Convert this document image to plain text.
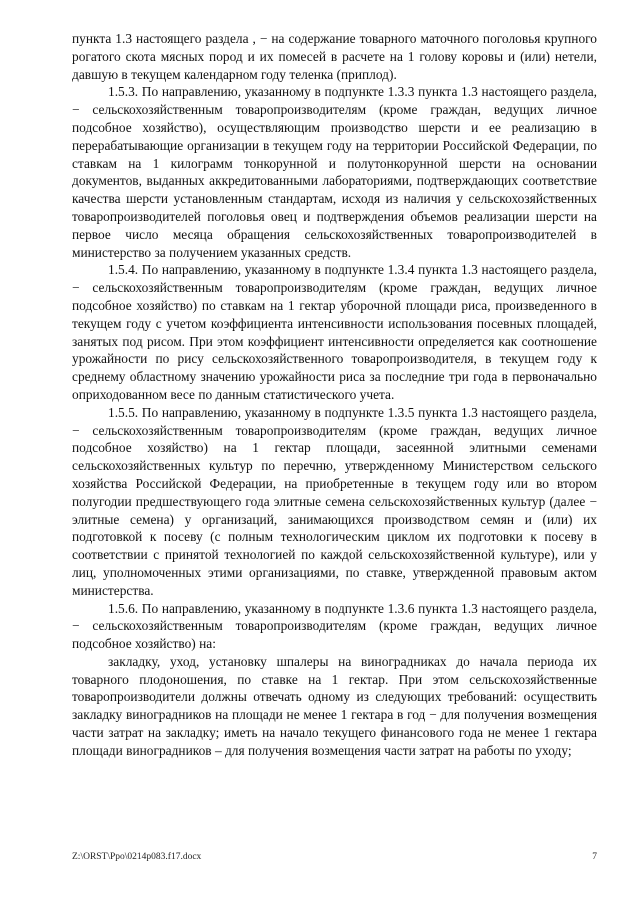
пункта 1.3 настоящего раздела , − на содержание товарного маточного поголовья крупного рогатого скота мясных пород и их помесей в расчете на 1 голову коровы и (или) нетели, давшую в текущем календарном году теленка (приплод).

1.5.3. По направлению, указанному в подпункте 1.3.3 пункта 1.3 настоящего раздела, − сельскохозяйственным товаропроизводителям (кроме граждан, ведущих личное подсобное хозяйство), осуществляющим производство шерсти и ее реализацию в перерабатывающие организации в текущем году на территории Российской Федерации, по ставкам на 1 килограмм тонкорунной и полутонкорунной шерсти на основании документов, выданных аккредитованными лабораториями, подтверждающих соответствие качества шерсти установленным стандартам, исходя из наличия у сельскохозяйственных товаропроизводителей поголовья овец и подтверждения объемов реализации шерсти на первое число месяца обращения сельскохозяйственных товаропроизводителей в министерство за получением указанных средств.

1.5.4. По направлению, указанному в подпункте 1.3.4 пункта 1.3 настоящего раздела, − сельскохозяйственным товаропроизводителям (кроме граждан, ведущих личное подсобное хозяйство) по ставкам на 1 гектар уборочной площади риса, произведенного в текущем году с учетом коэффициента интенсивности использования посевных площадей, занятых под рисом. При этом коэффициент интенсивности определяется как соотношение урожайности по рису сельскохозяйственного товаропроизводителя, в текущем году к среднему областному значению урожайности риса за последние три года в первоначально оприходованном весе по данным статистического учета.

1.5.5. По направлению, указанному в подпункте 1.3.5 пункта 1.3 настоящего раздела, − сельскохозяйственным товаропроизводителям (кроме граждан, ведущих личное подсобное хозяйство) на 1 гектар площади, засеянной элитными семенами сельскохозяйственных культур по перечню, утвержденному Министерством сельского хозяйства Российской Федерации, на приобретенные в текущем году или во втором полугодии предшествующего года элитные семена сельскохозяйственных культур (далее − элитные семена) у организаций, занимающихся производством семян и (или) их подготовкой к посеву (с полным технологическим циклом их подготовки к посеву в соответствии с принятой технологией по каждой сельскохозяйственной культуре), или у лиц, уполномоченных этими организациями, по ставке, утвержденной правовым актом министерства.

1.5.6. По направлению, указанному в подпункте 1.3.6 пункта 1.3 настоящего раздела, − сельскохозяйственным товаропроизводителям (кроме граждан, ведущих личное подсобное хозяйство) на:

закладку, уход, установку шпалеры на виноградниках до начала периода их товарного плодоношения, по ставке на 1 гектар. При этом сельскохозяйственные товаропроизводители должны отвечать одному из следующих требований: осуществить закладку виноградников на площади не менее 1 гектара в год − для получения возмещения части затрат на закладку; иметь на начало текущего финансового года не менее 1 гектара площади виноградников – для получения возмещения части затрат на работы по уходу;

Z:\ORST\Ppo\0214p083.f17.docx	7
